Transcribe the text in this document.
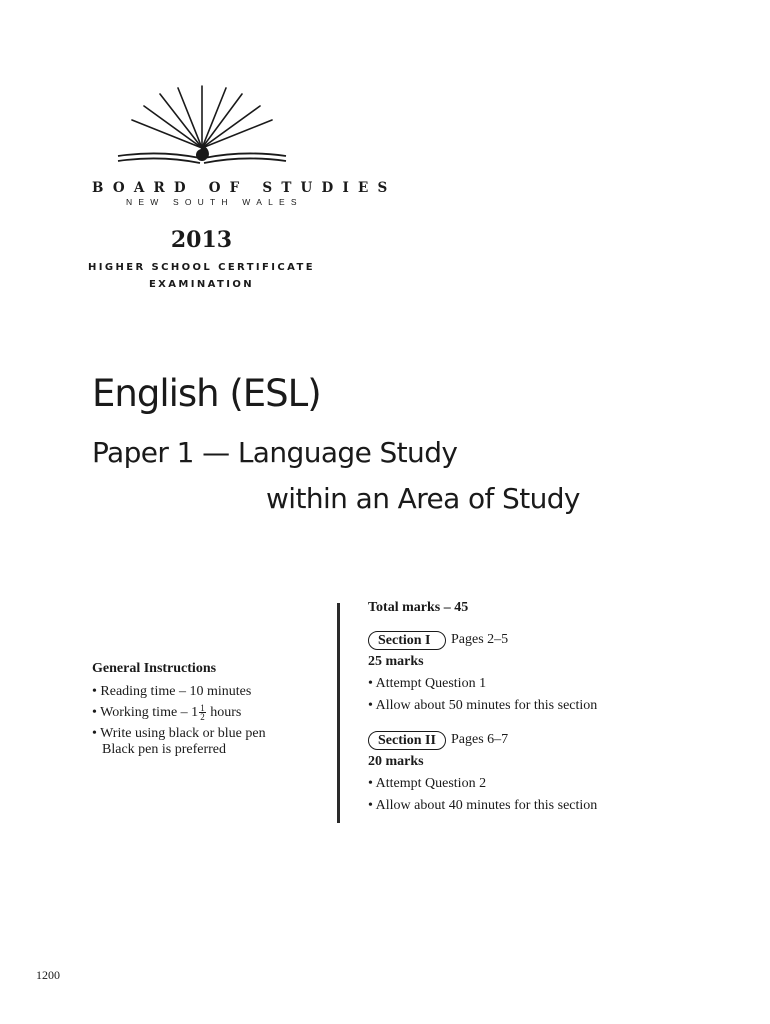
BOARD OF STUDIES
NEW SOUTH WALES
2013
HIGHER SCHOOL CERTIFICATE
EXAMINATION
English (ESL)
Paper 1 — Language Study
within an Area of Study
General Instructions
• Reading time – 10 minutes
• Working time – $1 \frac{1}{2}$ hours
• Write using black or blue pen
Black pen is preferred
Total marks – 45
Section I	Pages 2–5
25 marks
• Attempt Question 1
• Allow about 50 minutes for this section
Section II	Pages 6–7
20 marks
• Attempt Question 2
• Allow about 40 minutes for this section
1200
